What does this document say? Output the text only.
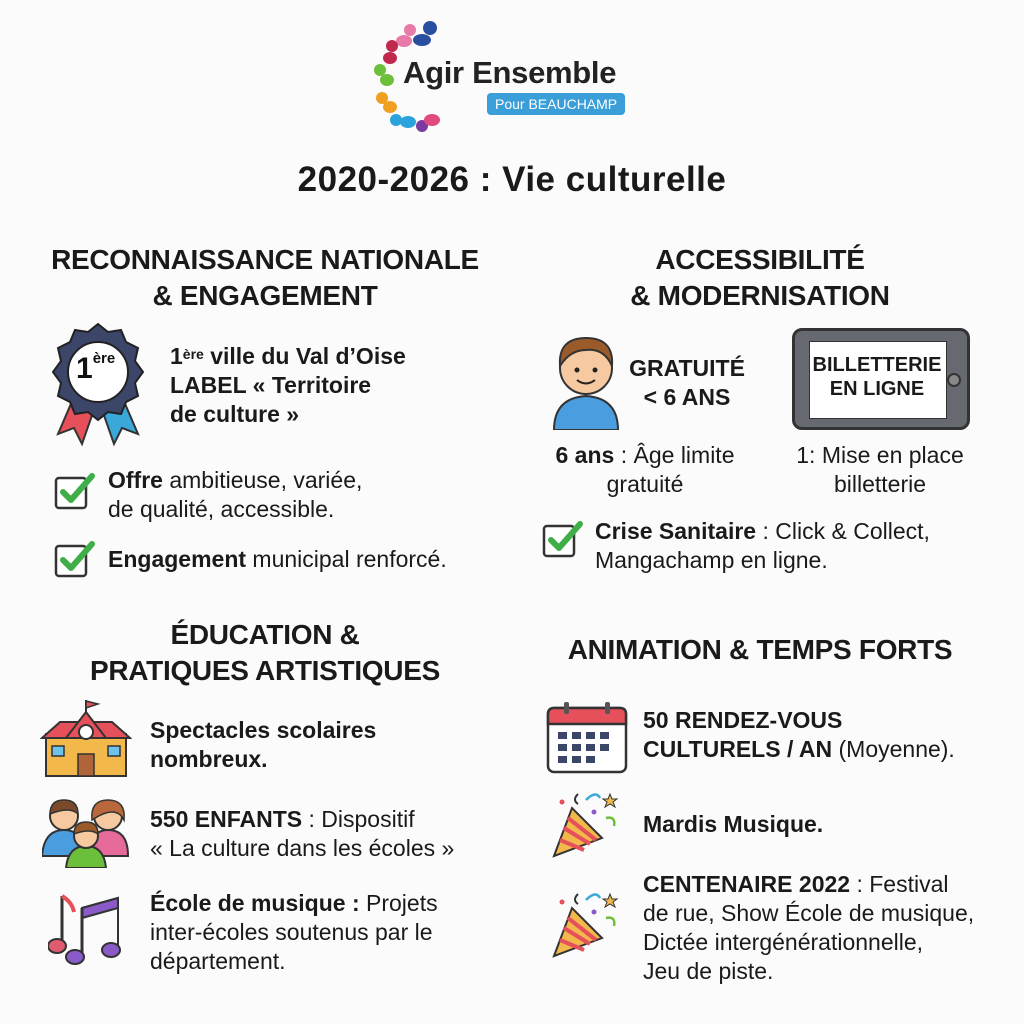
Agir Ensemble
Pour BEAUCHAMP
2020-2026 : Vie culturelle
RECONNAISSANCE NATIONALE
& ENGAGEMENT
1ère 1ère ville du Val d’Oise
LABEL « Territoire
de culture »
Offre ambitieuse, variée,
de qualité, accessible.
Engagement municipal renforcé.
ACCESSIBILITÉ
& MODERNISATION
GRATUITÉ
< 6 ANS
BILLETTERIE
EN LIGNE
6 ans : Âge limite
gratuité
1: Mise en place
billetterie
Crise Sanitaire : Click & Collect,
Mangachamp en ligne.
ÉDUCATION &
PRATIQUES ARTISTIQUES
Spectacles scolaires
nombreux.
550 ENFANTS : Dispositif
« La culture dans les écoles »
École de musique : Projets
inter-écoles soutenus par le
département.
ANIMATION & TEMPS FORTS
50 RENDEZ-VOUS
CULTURELS / AN (Moyenne).
Mardis Musique.
CENTENAIRE 2022 : Festival
de rue, Show École de musique,
Dictée intergénérationnelle,
Jeu de piste.
